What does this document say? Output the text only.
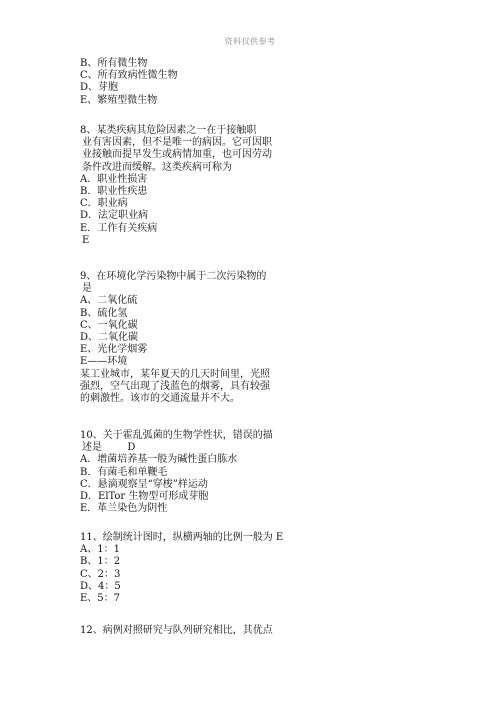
资料仅供参考
B、所有微生物
C、所有致病性微生物
D、芽胞
E、繁殖型微生物
8、某类疾病其危险因素之一在于接触职
业有害因素，但不是唯一的病因。它可因职
业接触而提早发生或病情加重，也可因劳动
条件改进而缓解。这类疾病可称为
A．职业性损害
B．职业性疾患
C．职业病
D．法定职业病
E．工作有关疾病
E
9、在环境化学污染物中属于二次污染物的
是
A、二氧化硫
B、硫化氢
C、一氧化碳
D、二氧化碳
E、光化学烟雾
E——环境
某工业城市，某年夏天的几天时间里，光照
强烈，空气出现了浅蓝色的烟雾，具有较强
的刺激性。该市的交通流量并不大。
10、关于霍乱弧菌的生物学性状，错误的描
述是        D
A．增菌培养基一般为碱性蛋白胨水
B．有菌毛和单鞭毛
C．悬滴观察呈“穿梭”样运动
D．ElTor 生物型可形成芽胞
E．革兰染色为阴性
11、绘制统计图时，纵横两轴的比例一般为 E
A、1：1
B、1：2
C、2：3
D、4：5
E、5：7
12、病例对照研究与队列研究相比，其优点
